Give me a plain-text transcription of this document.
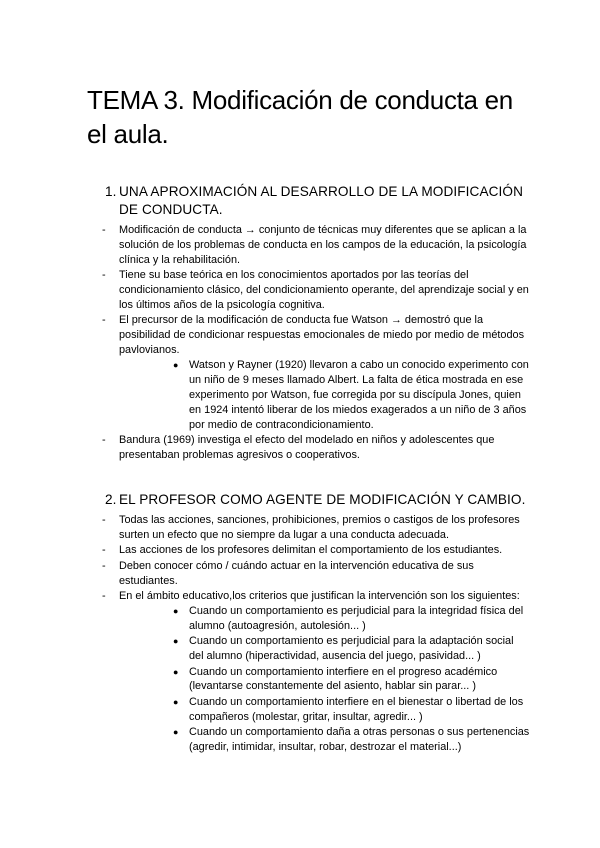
TEMA 3. Modificación de conducta en el aula.
1. UNA APROXIMACIÓN AL DESARROLLO DE LA MODIFICACIÓN DE CONDUCTA.
- Modificación de conducta → conjunto de técnicas muy diferentes que se aplican a la solución de los problemas de conducta en los campos de la educación, la psicología clínica y la rehabilitación.
- Tiene su base teórica en los conocimientos aportados por las teorías del condicionamiento clásico, del condicionamiento operante, del aprendizaje social y en los últimos años de la psicología cognitiva.
- El precursor de la modificación de conducta fue Watson → demostró que la posibilidad de condicionar respuestas emocionales de miedo por medio de métodos pavlovianos.
● Watson y Rayner (1920) llevaron a cabo un conocido experimento con un niño de 9 meses llamado Albert. La falta de ética mostrada en ese experimento por Watson, fue corregida por su discípula Jones, quien en 1924 intentó liberar de los miedos exagerados a un niño de 3 años por medio de contracondicionamiento.
- Bandura (1969) investiga el efecto del modelado en niños y adolescentes que presentaban problemas agresivos o cooperativos.
2. EL PROFESOR COMO AGENTE DE MODIFICACIÓN Y CAMBIO.
- Todas las acciones, sanciones, prohibiciones, premios o castigos de los profesores surten un efecto que no siempre da lugar a una conducta adecuada.
- Las acciones de los profesores delimitan el comportamiento de los estudiantes.
- Deben conocer cómo / cuándo actuar en la intervención educativa de sus estudiantes.
- En el ámbito educativo,los criterios que justifican la intervención son los siguientes:
● Cuando un comportamiento es perjudicial para la integridad física del alumno (autoagresión, autolesión... )
● Cuando un comportamiento es perjudicial para la adaptación social del alumno (hiperactividad, ausencia del juego, pasividad... )
● Cuando un comportamiento interfiere en el progreso académico (levantarse constantemente del asiento, hablar sin parar... )
● Cuando un comportamiento interfiere en el bienestar o libertad de los compañeros (molestar, gritar, insultar, agredir... )
● Cuando un comportamiento daña a otras personas o sus pertenencias (agredir, intimidar, insultar, robar, destrozar el material...)
